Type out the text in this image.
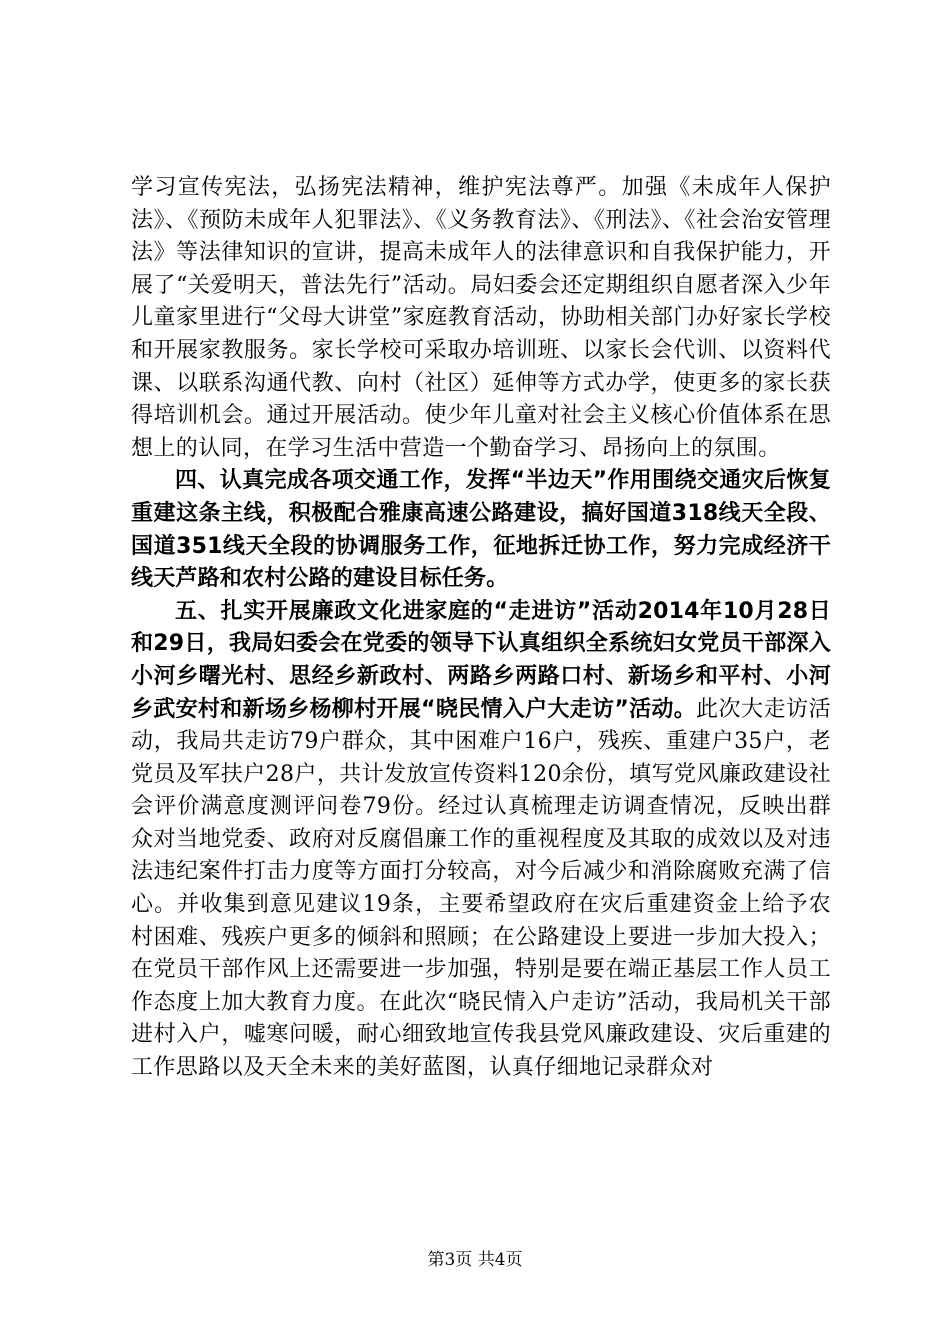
学习宣传宪法，弘扬宪法精神，维护宪法尊严。加强《未成年人保护法》、《预防未成年人犯罪法》、《义务教育法》、《刑法》、《社会治安管理法》等法律知识的宣讲，提高未成年人的法律意识和自我保护能力，开展了“关爱明天，普法先行”活动。局妇委会还定期组织自愿者深入少年儿童家里进行“父母大讲堂”家庭教育活动，协助相关部门办好家长学校和开展家教服务。家长学校可采取办培训班、以家长会代训、以资料代课、以联系沟通代教、向村（社区）延伸等方式办学，使更多的家长获得培训机会。通过开展活动。使少年儿童对社会主义核心价值体系在思想上的认同，在学习生活中营造一个勤奋学习、昂扬向上的氛围。

四、认真完成各项交通工作，发挥“半边天”作用围绕交通灾后恢复重建这条主线，积极配合雅康高速公路建设，搞好国道318线天全段、国道351线天全段的协调服务工作，征地拆迁协工作，努力完成经济干线天芦路和农村公路的建设目标任务。

五、扎实开展廉政文化进家庭的“走进访”活动2014年10月28日和29日，我局妇委会在党委的领导下认真组织全系统妇女党员干部深入小河乡曙光村、思经乡新政村、两路乡两路口村、新场乡和平村、小河乡武安村和新场乡杨柳村开展“晓民情入户大走访”活动。此次大走访活动，我局共走访79户群众，其中困难户16户，残疾、重建户35户，老党员及军扶户28户，共计发放宣传资料120余份，填写党风廉政建设社会评价满意度测评问卷79份。经过认真梳理走访调查情况，反映出群众对当地党委、政府对反腐倡廉工作的重视程度及其取的成效以及对违法违纪案件打击力度等方面打分较高，对今后减少和消除腐败充满了信心。并收集到意见建议19条，主要希望政府在灾后重建资金上给予农村困难、残疾户更多的倾斜和照顾；在公路建设上要进一步加大投入；在党员干部作风上还需要进一步加强，特别是要在端正基层工作人员工作态度上加大教育力度。在此次“晓民情入户走访”活动，我局机关干部进村入户，嘘寒问暖，耐心细致地宣传我县党风廉政建设、灾后重建的工作思路以及天全未来的美好蓝图，认真仔细地记录群众对

第3页 共4页
